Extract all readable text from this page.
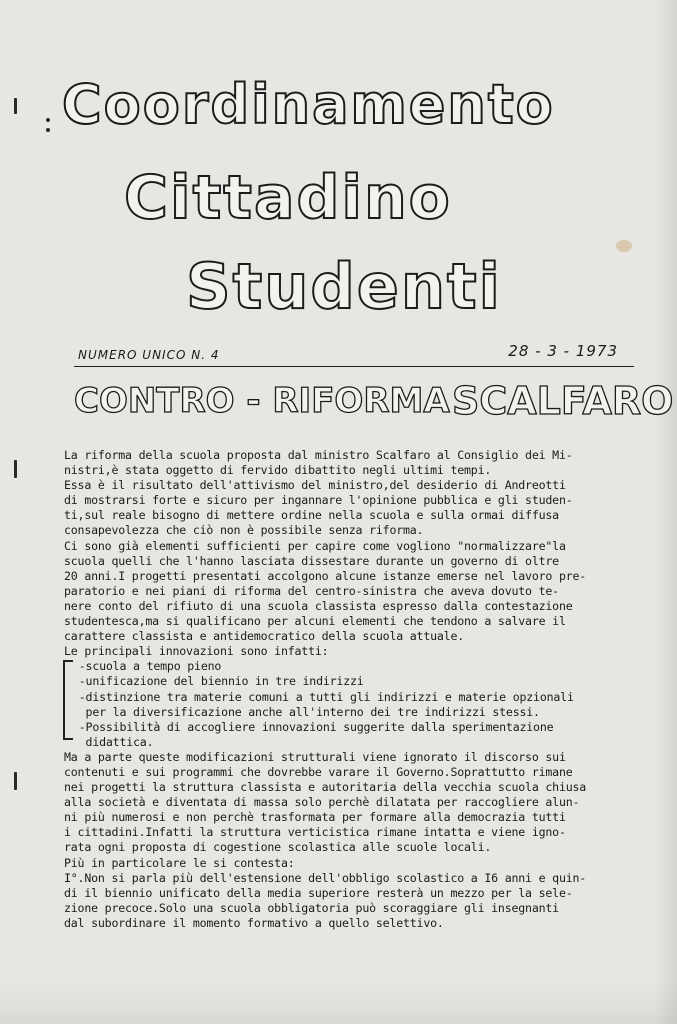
Coordinamento
Cittadino
Studenti
NUMERO UNICO N. 4	28 - 3 - 1973
CONTRO - RIFORMA SCALFARO
La riforma della scuola proposta dal ministro Scalfaro al Consiglio dei Mi-
nistri,è stata oggetto di fervido dibattito negli ultimi tempi.
Essa è il risultato dell'attivismo del ministro,del desiderio di Andreotti
di mostrarsi forte e sicuro per ingannare l'opinione pubblica e gli studen-
ti,sul reale bisogno di mettere ordine nella scuola e sulla ormai diffusa
consapevolezza che ciò non è possibile senza riforma.
Ci sono già elementi sufficienti per capire come vogliono "normalizzare"la
scuola quelli che l'hanno lasciata dissestare durante un governo di oltre
20 anni.I progetti presentati accolgono alcune istanze emerse nel lavoro pre-
paratorio e nei piani di riforma del centro-sinistra che aveva dovuto te-
nere conto del rifiuto di una scuola classista espresso dalla contestazione
studentesca,ma si qualificano per alcuni elementi che tendono a salvare il
carattere classista e antidemocratico della scuola attuale.
Le principali innovazioni sono infatti:
-scuola a tempo pieno
-unificazione del biennio in tre indirizzi
-distinzione tra materie comuni a tutti gli indirizzi e materie opzionali
per la diversificazione anche all'interno dei tre indirizzi stessi.
-Possibilità di accogliere innovazioni suggerite dalla sperimentazione
didattica.
Ma a parte queste modificazioni strutturali viene ignorato il discorso sui
contenuti e sui programmi che dovrebbe varare il Governo.Soprattutto rimane
nei progetti la struttura classista e autoritaria della vecchia scuola chiusa
alla società e diventata di massa solo perchè dilatata per raccogliere alun-
ni più numerosi e non perchè trasformata per formare alla democrazia tutti
i cittadini.Infatti la struttura verticistica rimane intatta e viene igno-
rata ogni proposta di cogestione scolastica alle scuole locali.
Più in particolare le si contesta:
I°.Non si parla più dell'estensione dell'obbligo scolastico a I6 anni e quin-
di il biennio unificato della media superiore resterà un mezzo per la sele-
zione precoce.Solo una scuola obbligatoria può scoraggiare gli insegnanti
dal subordinare il momento formativo a quello selettivo.
